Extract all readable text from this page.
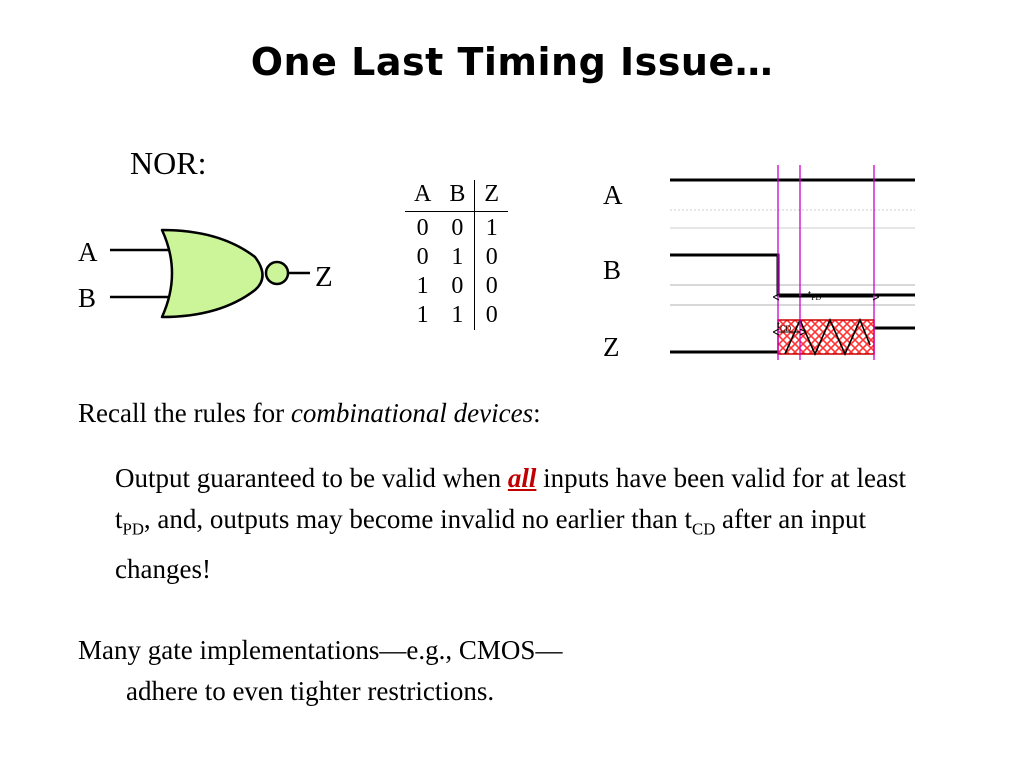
One Last Timing Issue…
NOR:
A
B
Z
A	B	Z

0	0	1
0	1	0
1	0	0
1	1	0
A
B
Z
$t_{PD}$
$t_{CD}$
Recall the rules for combinational devices:
Output guaranteed to be valid when all inputs have been valid for at least $t_{PD}$, and, outputs may become invalid no earlier than $t_{CD}$ after an input changes!
Many gate implementations—e.g., CMOS—
adhere to even tighter restrictions.
